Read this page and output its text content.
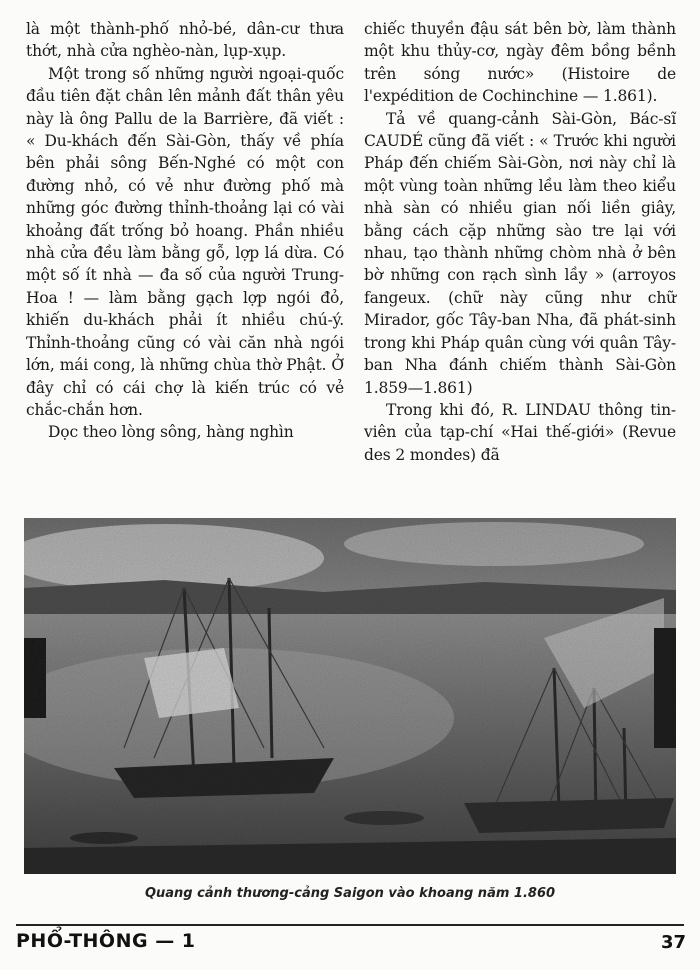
là một thành-phố nhỏ-bé, dân-cư thưa thớt, nhà cửa nghèo-nàn, lụp-xụp.

Một trong số những người ngoại-quốc đầu tiên đặt chân lên mảnh đất thân yêu này là ông Pallu de la Barrière, đã viết : « Du-khách đến Sài-Gòn, thấy về phía bên phải sông Bến-Nghé có một con đường nhỏ, có vẻ như đường phố mà những góc đường thỉnh-thoảng lại có vài khoảng đất trống bỏ hoang. Phần nhiều nhà cửa đều làm bằng gỗ, lợp lá dừa. Có một số ít nhà — đa số của người Trung-Hoa ! — làm bằng gạch lợp ngói đỏ, khiến du-khách phải ít nhiều chú-ý. Thỉnh-thoảng cũng có vài căn nhà ngói lớn, mái cong, là những chùa thờ Phật. Ở đây chỉ có cái chợ là kiến trúc có vẻ chắc-chắn hơn.

Dọc theo lòng sông, hàng nghìn

chiếc thuyền đậu sát bên bờ, làm thành một khu thủy-cơ, ngày đêm bồng bềnh trên sóng nước» (Histoire de l'expédition de Cochinchine — 1.861).

Tả về quang-cảnh Sài-Gòn, Bác-sĩ CAUDÉ cũng đã viết : « Trước khi người Pháp đến chiếm Sài-Gòn, nơi này chỉ là một vùng toàn những lều làm theo kiểu nhà sàn có nhiều gian nối liền giây, bằng cách cặp những sào tre lại với nhau, tạo thành những chòm nhà ở bên bờ những con rạch sình lầy » (arroyos fangeux. (chữ này cũng như chữ Mirador, gốc Tây-ban Nha, đã phát-sinh trong khi Pháp quân cùng với quân Tây-ban Nha đánh chiếm thành Sài-Gòn 1.859—1.861)

Trong khi đó, R. LINDAU thông tin-viên của tạp-chí «Hai thế-giới» (Revue des 2 mondes) đã

Quang cảnh thương-cảng Saigon vào khoang năm 1.860
PHỔ-THÔNG — 1	37
